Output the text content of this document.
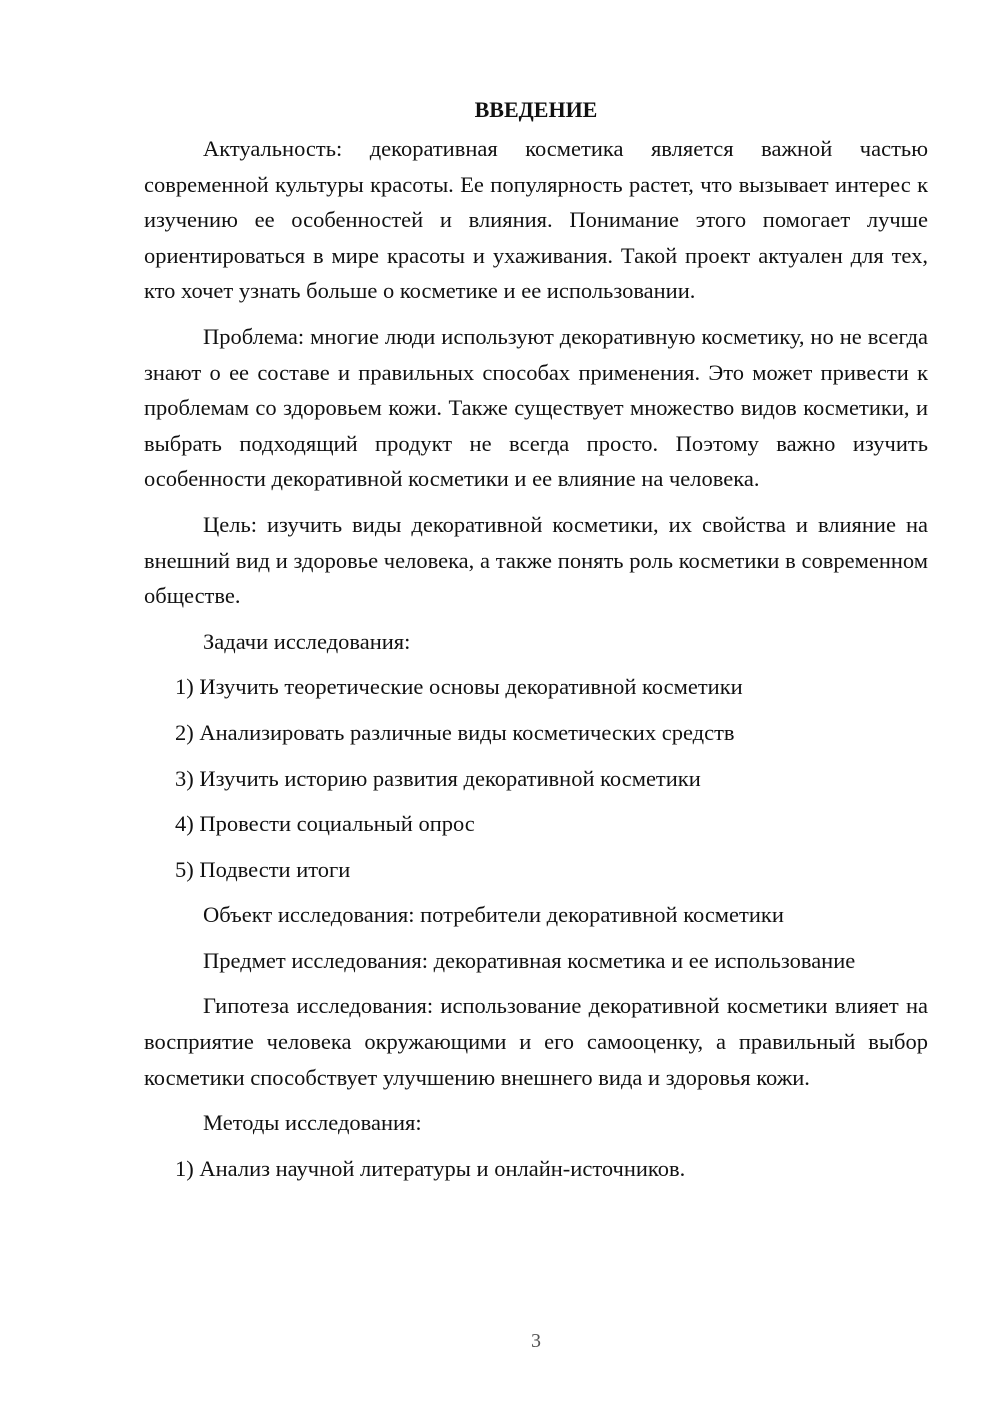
ВВЕДЕНИЕ

Актуальность: декоративная косметика является важной частью современной культуры красоты. Ее популярность растет, что вызывает интерес к изучению ее особенностей и влияния. Понимание этого помогает лучше ориентироваться в мире красоты и ухаживания. Такой проект актуален для тех, кто хочет узнать больше о косметике и ее использовании.

Проблема: многие люди используют декоративную косметику, но не всегда знают о ее составе и правильных способах применения. Это может привести к проблемам со здоровьем кожи. Также существует множество видов косметики, и выбрать подходящий продукт не всегда просто. Поэтому важно изучить особенности декоративной косметики и ее влияние на человека.

Цель: изучить виды декоративной косметики, их свойства и влияние на внешний вид и здоровье человека, а также понять роль косметики в современном обществе.

Задачи исследования:
1) Изучить теоретические основы декоративной косметики
2) Анализировать различные виды косметических средств
3) Изучить историю развития декоративной косметики
4) Провести социальный опрос
5) Подвести итоги
Объект исследования: потребители декоративной косметики
Предмет исследования: декоративная косметика и ее использование

Гипотеза исследования: использование декоративной косметики влияет на восприятие человека окружающими и его самооценку, а правильный выбор косметики способствует улучшению внешнего вида и здоровья кожи.

Методы исследования:
1) Анализ научной литературы и онлайн-источников.
3
